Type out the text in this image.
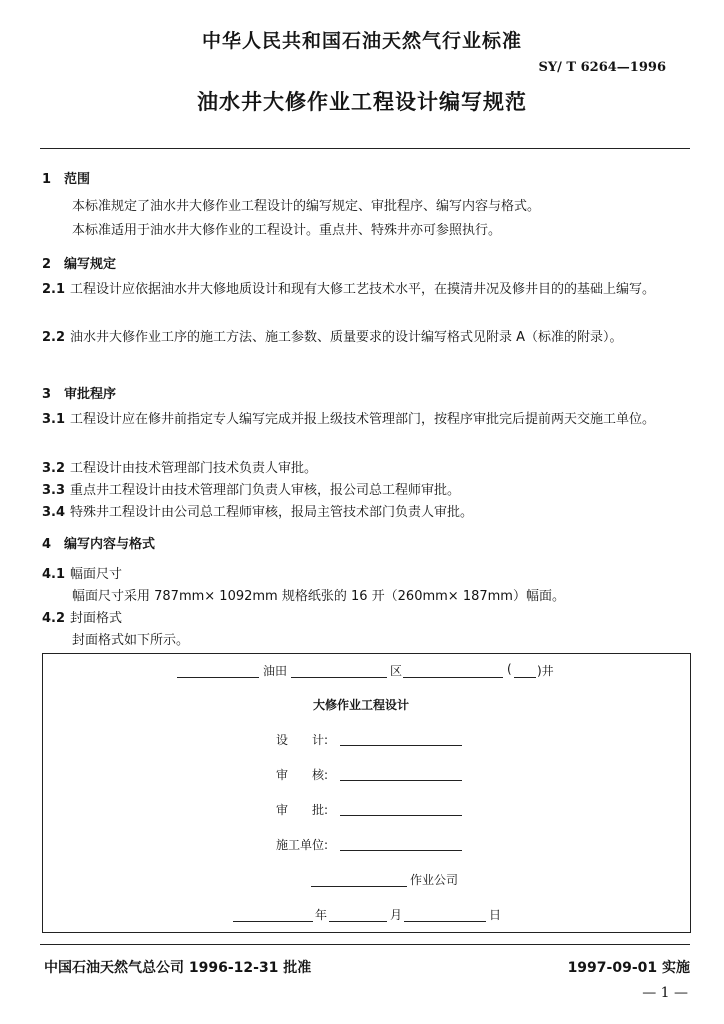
中华人民共和国石油天然气行业标准
SY/ T 6264—1996
油水井大修作业工程设计编写规范
1 范围
本标准规定了油水井大修作业工程设计的编写规定、审批程序、编写内容与格式。
本标准适用于油水井大修作业的工程设计。重点井、特殊井亦可参照执行。
2 编写规定
2.1 工程设计应依据油水井大修地质设计和现有大修工艺技术水平，在摸清井况及修井目的的基础上编写。
2.2 油水井大修作业工序的施工方法、施工参数、质量要求的设计编写格式见附录 A（标准的附录）。
3 审批程序
3.1 工程设计应在修井前指定专人编写完成并报上级技术管理部门，按程序审批完后提前两天交施工单位。
3.2 工程设计由技术管理部门技术负责人审批。
3.3 重点井工程设计由技术管理部门负责人审核，报公司总工程师审批。
3.4 特殊井工程设计由公司总工程师审核，报局主管技术部门负责人审批。
4 编写内容与格式
4.1 幅面尺寸
幅面尺寸采用 787mm× 1092mm 规格纸张的 16 开（260mm× 187mm）幅面。
4.2 封面格式
封面格式如下所示。
油田	区	( )井
大修作业工程设计
设　　计:
审　　核:
审　　批:
施工单位:
作业公司
年	月	日
中国石油天然气总公司 1996-12-31 批准	1997-09-01 实施
— 1 —
